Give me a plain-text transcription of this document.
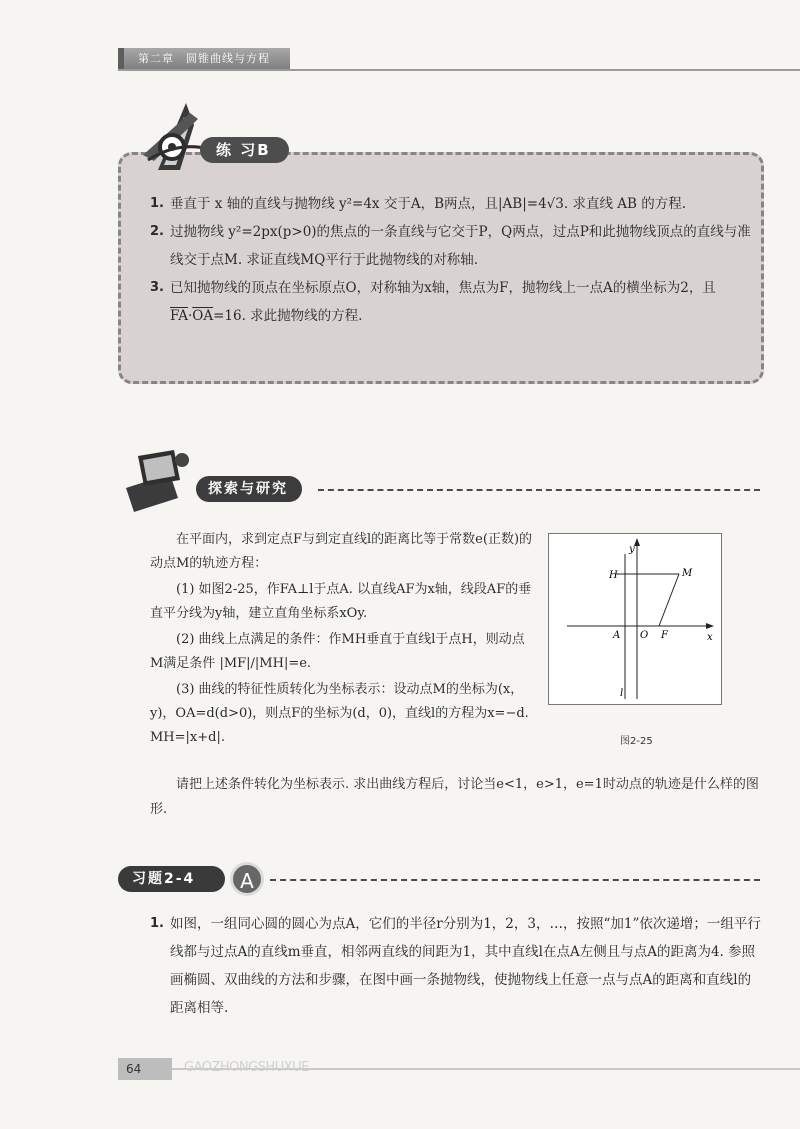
第二章 圆锥曲线与方程
练 习B
1. 垂直于 x 轴的直线与抛物线 y²=4x 交于A，B两点，且|AB|=4√3. 求直线 AB 的方程.
2. 过抛物线 y²=2px(p>0)的焦点的一条直线与它交于P，Q两点，过点P和此抛物线顶点的直线与准线交于点M. 求证直线MQ平行于此抛物线的对称轴.
3. 已知抛物线的顶点在坐标原点O，对称轴为x轴，焦点为F，抛物线上一点A的横坐标为2，且$\overline{FA}\cdot\overline{OA}=16$. 求此抛物线的方程.
探索与研究

在平面内，求到定点F与到定直线l的距离比等于常数e(正数)的动点M的轨迹方程：

(1) 如图2-25，作FA⊥l于点A. 以直线AF为x轴，线段AF的垂直平分线为y轴，建立直角坐标系xOy.

(2) 曲线上点满足的条件：作MH垂直于直线l于点H，则动点M满足条件 |MF|/|MH|=e.

(3) 曲线的特征性质转化为坐标表示：设动点M的坐标为(x，y)，OA=d(d>0)，则点F的坐标为(d，0)，直线l的方程为x=−d. MH=|x+d|.

y
x
H	M
A O F
l
图2-25

请把上述条件转化为坐标表示. 求出曲线方程后，讨论当e<1，e>1，e=1时动点的轨迹是什么样的图形.

习题2-4	A
1. 如图，一组同心圆的圆心为点A，它们的半径r分别为1，2，3，…，按照“加1”依次递增；一组平行线都与过点A的直线m垂直，相邻两直线的间距为1，其中直线l在点A左侧且与点A的距离为4. 参照画椭圆、双曲线的方法和步骤，在图中画一条抛物线，使抛物线上任意一点与点A的距离和直线l的距离相等.
64	GAOZHONGSHUXUE
